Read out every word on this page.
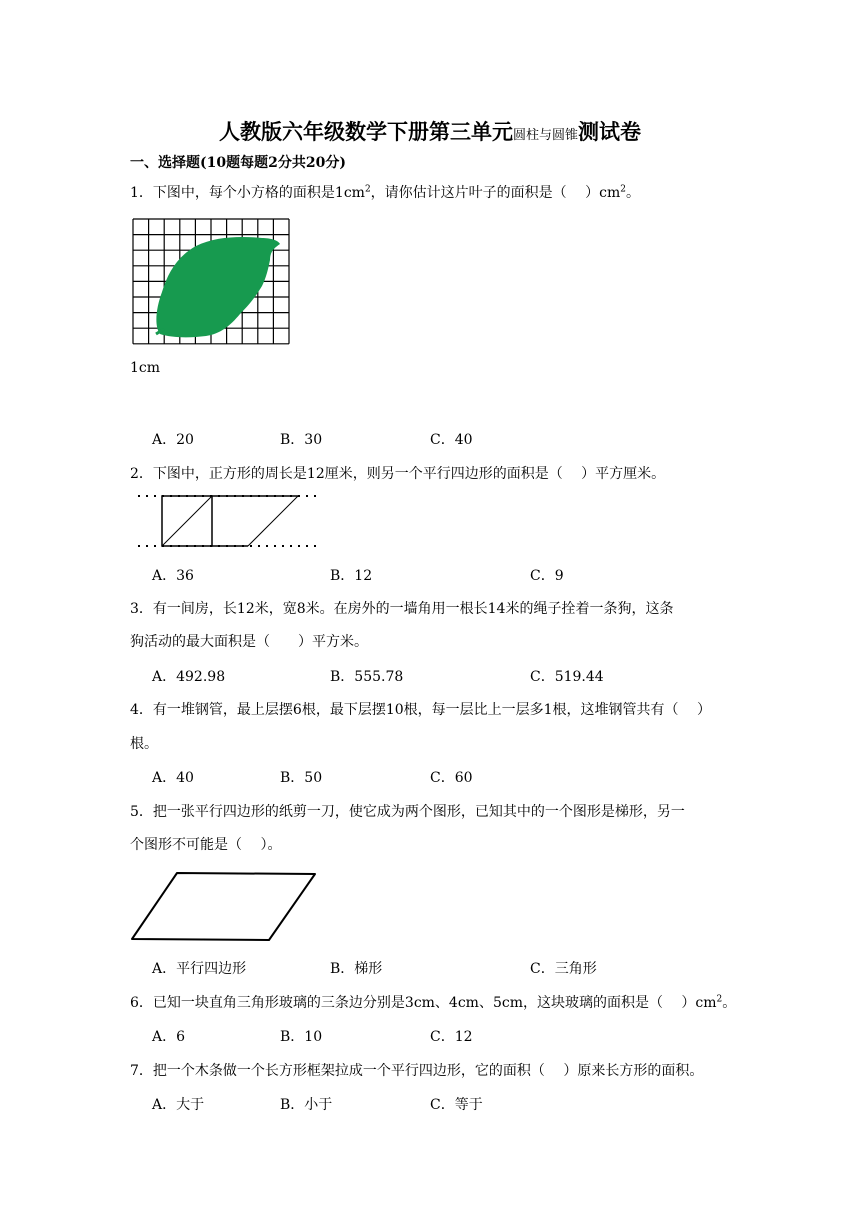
人教版六年级数学下册第三单元圆柱与圆锥测试卷
一、选择题(10题每题2分共20分)
1．下图中，每个小方格的面积是$1cm^2$，请你估计这片叶子的面积是（　 ）$cm^2$。
1cm
A．20	B．30	C．40
2．下图中，正方形的周长是12厘米，则另一个平行四边形的面积是（　 ）平方厘米。
A．36	B．12	C．9
3．有一间房，长12米，宽8米。在房外的一墙角用一根长14米的绳子拴着一条狗，这条
狗活动的最大面积是（　　）平方米。
A．492.98	B．555.78	C．519.44
4．有一堆钢管，最上层摆6根，最下层摆10根，每一层比上一层多1根，这堆钢管共有（　 ）
根。
A．40	B．50	C．60
5．把一张平行四边形的纸剪一刀，使它成为两个图形，已知其中的一个图形是梯形，另一
个图形不可能是（　 ）。
A．平行四边形	B．梯形	C．三角形
6．已知一块直角三角形玻璃的三条边分别是3cm、4cm、5cm，这块玻璃的面积是（　 ）$cm^2$。
A．6	B．10	C．12
7．把一个木条做一个长方形框架拉成一个平行四边形，它的面积（　 ）原来长方形的面积。
A．大于	B．小于	C．等于
